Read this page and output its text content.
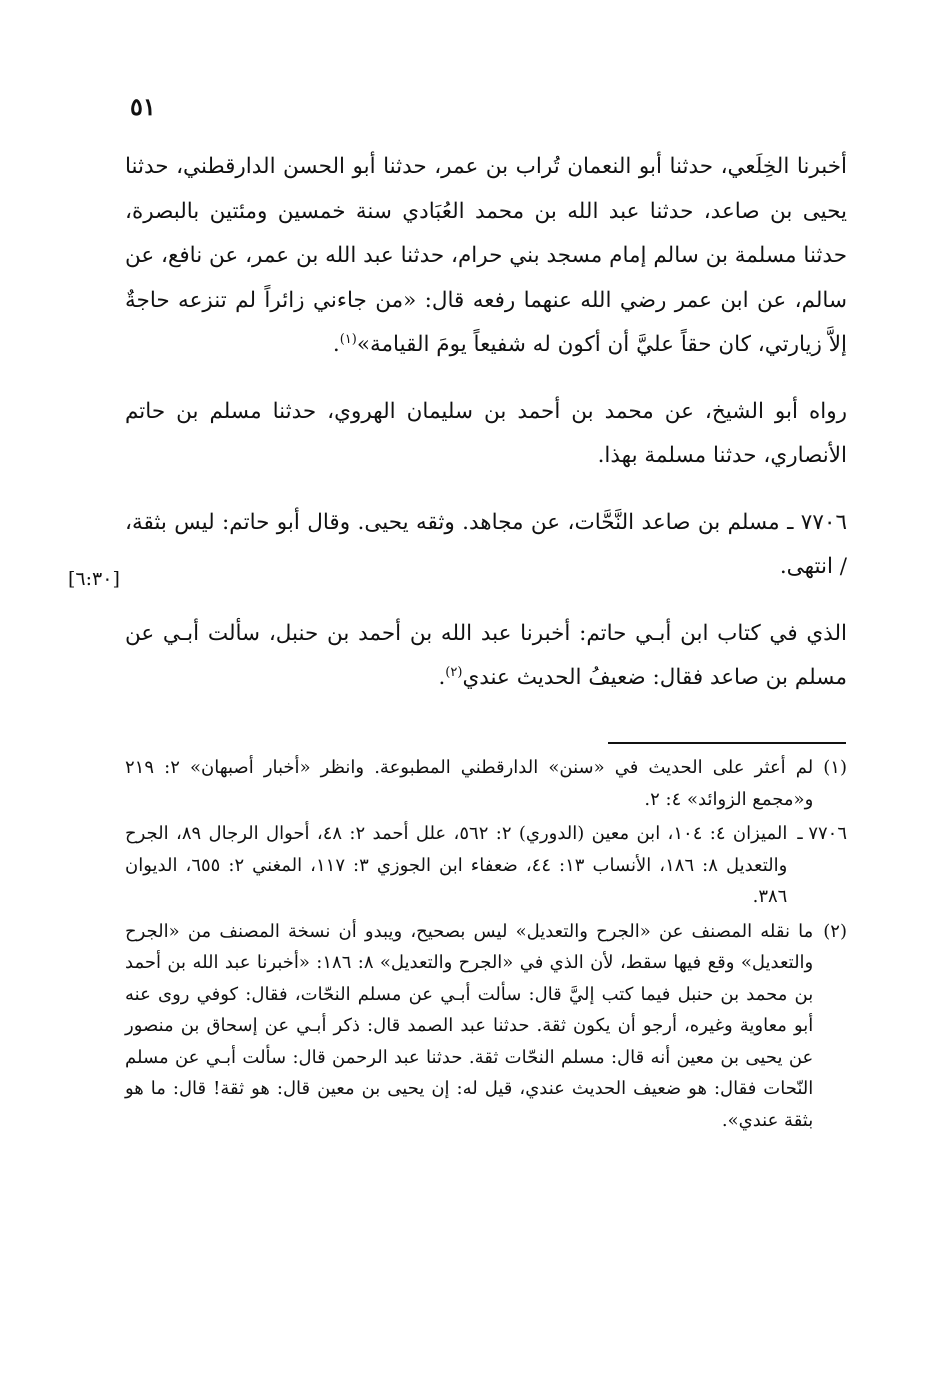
٥١
[٦:٣٠]

أخبرنا الخِلَعي، حدثنا أبو النعمان تُراب بن عمر، حدثنا أبو الحسن الدارقطني، حدثنا يحيى بن صاعد، حدثنا عبد الله بن محمد العُبَادي سنة خمسين ومئتين بالبصرة، حدثنا مسلمة بن سالم إمام مسجد بني حرام، حدثنا عبد الله بن عمر، عن نافع، عن سالم، عن ابن عمر رضي الله عنهما رفعه قال: «من جاءني زائراً لم تنزعه حاجةٌ إلاَّ زيارتي، كان حقاً عليَّ أن أكون له شفيعاً يومَ القيامة»$^{(١)}$.

رواه أبو الشيخ، عن محمد بن أحمد بن سليمان الهروي، حدثنا مسلم بن حاتم الأنصاري، حدثنا مسلمة بهذا.

٧٧٠٦ ـ مسلم بن صاعد النَّحَّات، عن مجاهد. وثقه يحيى. وقال أبو حاتم: ليس بثقة، / انتهى.

الذي في كتاب ابن أبـي حاتم: أخبرنا عبد الله بن أحمد بن حنبل، سألت أبـي عن مسلم بن صاعد فقال: ضعيفُ الحديث عندي$^{(٢)}$.

(١)
لم أعثر على الحديث في «سنن» الدارقطني المطبوعة. وانظر «أخبار أصبهان» ٢: ٢١٩ و«مجمع الزوائد» ٤: ٢.
٧٧٠٦ ـ
الميزان ٤: ١٠٤، ابن معين (الدوري) ٢: ٥٦٢، علل أحمد ٢: ٤٨، أحوال الرجال ٨٩، الجرح والتعديل ٨: ١٨٦، الأنساب ١٣: ٤٤، ضعفاء ابن الجوزي ٣: ١١٧، المغني ٢: ٦٥٥، الديوان ٣٨٦.
(٢)
ما نقله المصنف عن «الجرح والتعديل» ليس بصحيح، ويبدو أن نسخة المصنف من «الجرح والتعديل» وقع فيها سقط، لأن الذي في «الجرح والتعديل» ٨: ١٨٦: «أخبرنا عبد الله بن أحمد بن محمد بن حنبل فيما كتب إليَّ قال: سألت أبـي عن مسلم النحّات، فقال: كوفي روى عنه أبو معاوية وغيره، أرجو أن يكون ثقة. حدثنا عبد الصمد قال: ذكر أبـي عن إسحاق بن منصور عن يحيى بن معين أنه قال: مسلم النحّات ثقة. حدثنا عبد الرحمن قال: سألت أبـي عن مسلم النّحات فقال: هو ضعيف الحديث عندي، قيل له: إن يحيى بن معين قال: هو ثقة! قال: ما هو بثقة عندي».
